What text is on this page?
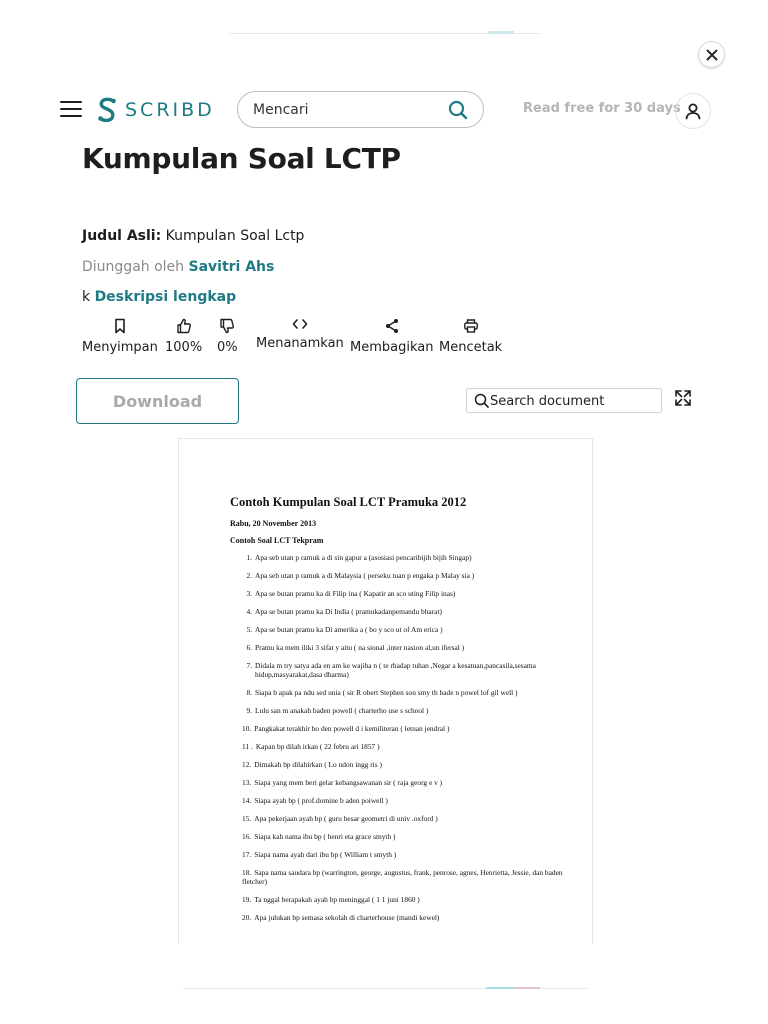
SCRIBD
Mencari	Read free for 30 days
Kumpulan Soal LCTP
Judul Asli: Kumpulan Soal Lctp
Diunggah oleh Savitri Ahs
k Deskripsi lengkap
Menyimpan 100% 0% Menanamkan Membagikan Mencetak
Download
Search document
Contoh Kumpulan Soal LCT Pramuka 2012
Rabu, 20 November 2013
Contoh Soal LCT Tekpram
1. Apa seb utan p ramuk a di sin gapur a (asosiasi pencaribijih bijih Singap)
2. Apa seb utan p ramuk a di Malaysia ( perseku tuan p engaka p Malay sia )
3. Apa se butan pramu ka di Filip ina ( Kapatir an sco uting Filip inas)
4. Apa se butan pramu ka Di India ( pramukadanpemandu bharat)
5. Apa se butan pramu ka Di amerika a ( bo y sco ut of Am erica )
6. Pramu ka mem iliki 3 sifat y aitu ( na sional ,inter nasion al,un ifersal )
7. Didala m try satya ada en am ke wajiba n ( te rhadap tuhan ,Negar a kesatuan,pancasila,sesama hidup,masyarakat,dasa dharma)
8. Siapa b apak pa ndu sed unia ( sir R obert Stephen son smy th bade n powel lof gil well )
9. Lulu san m anakah baden powell ( charterho use s school )
10. Pangkakat terakhir bo den powell d i kemiliteran ( letnan jendral )
11 . Kapan bp dilah irkan ( 22 febru ari 1857 )
12. Dimakah bp dilahirkan ( Lo ndon ingg ris )
13. Siapa yang mem beri gelar kebangsawanan sir ( raja georg e v )
14. Siapa ayah bp ( prof.domine b aden poiwell )
15. Apa pekerjaan ayah bp ( guru besar geometri di univ .oxford )
16. Siapa kah nama ibu bp ( henri eta grace smyth )
17. Siapa nama ayah dari ibu bp ( William t smyth )
18. Sapa nama saudara bp (warrington, george, augustus, frank, penrose, agnes, Henrietta, Jessie, dan baden fletcher)
19. Ta nggal berapakah ayah bp meninggal ( 1 1 juni 1860 )
20. Apa julukan bp semasa sekolah di charterhouse (mandi kewel)
